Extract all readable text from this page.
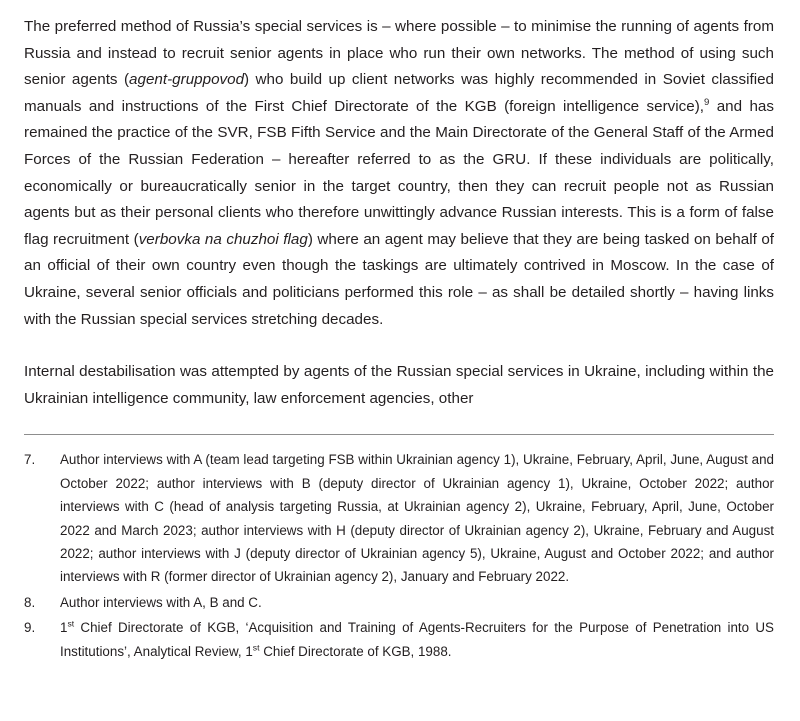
The preferred method of Russia’s special services is – where possible – to minimise the running of agents from Russia and instead to recruit senior agents in place who run their own networks. The method of using such senior agents (agent-gruppovod) who build up client networks was highly recommended in Soviet classified manuals and instructions of the First Chief Directorate of the KGB (foreign intelligence service),$^9$ and has remained the practice of the SVR, FSB Fifth Service and the Main Directorate of the General Staff of the Armed Forces of the Russian Federation – hereafter referred to as the GRU. If these individuals are politically, economically or bureaucratically senior in the target country, then they can recruit people not as Russian agents but as their personal clients who therefore unwittingly advance Russian interests. This is a form of false flag recruitment (verbovka na chuzhoi flag) where an agent may believe that they are being tasked on behalf of an official of their own country even though the taskings are ultimately contrived in Moscow. In the case of Ukraine, several senior officials and politicians performed this role – as shall be detailed shortly – having links with the Russian special services stretching decades.

Internal destabilisation was attempted by agents of the Russian special services in Ukraine, including within the Ukrainian intelligence community, law enforcement agencies, other

7.	Author interviews with A (team lead targeting FSB within Ukrainian agency 1), Ukraine, February, April, June, August and October 2022; author interviews with B (deputy director of Ukrainian agency 1), Ukraine, October 2022; author interviews with C (head of analysis targeting Russia, at Ukrainian agency 2), Ukraine, February, April, June, October 2022 and March 2023; author interviews with H (deputy director of Ukrainian agency 2), Ukraine, February and August 2022; author interviews with J (deputy director of Ukrainian agency 5), Ukraine, August and October 2022; and author interviews with R (former director of Ukrainian agency 2), January and February 2022.
8.	Author interviews with A, B and C.
9.	1st Chief Directorate of KGB, ‘Acquisition and Training of Agents-Recruiters for the Purpose of Penetration into US Institutions’, Analytical Review, 1st Chief Directorate of KGB, 1988.
